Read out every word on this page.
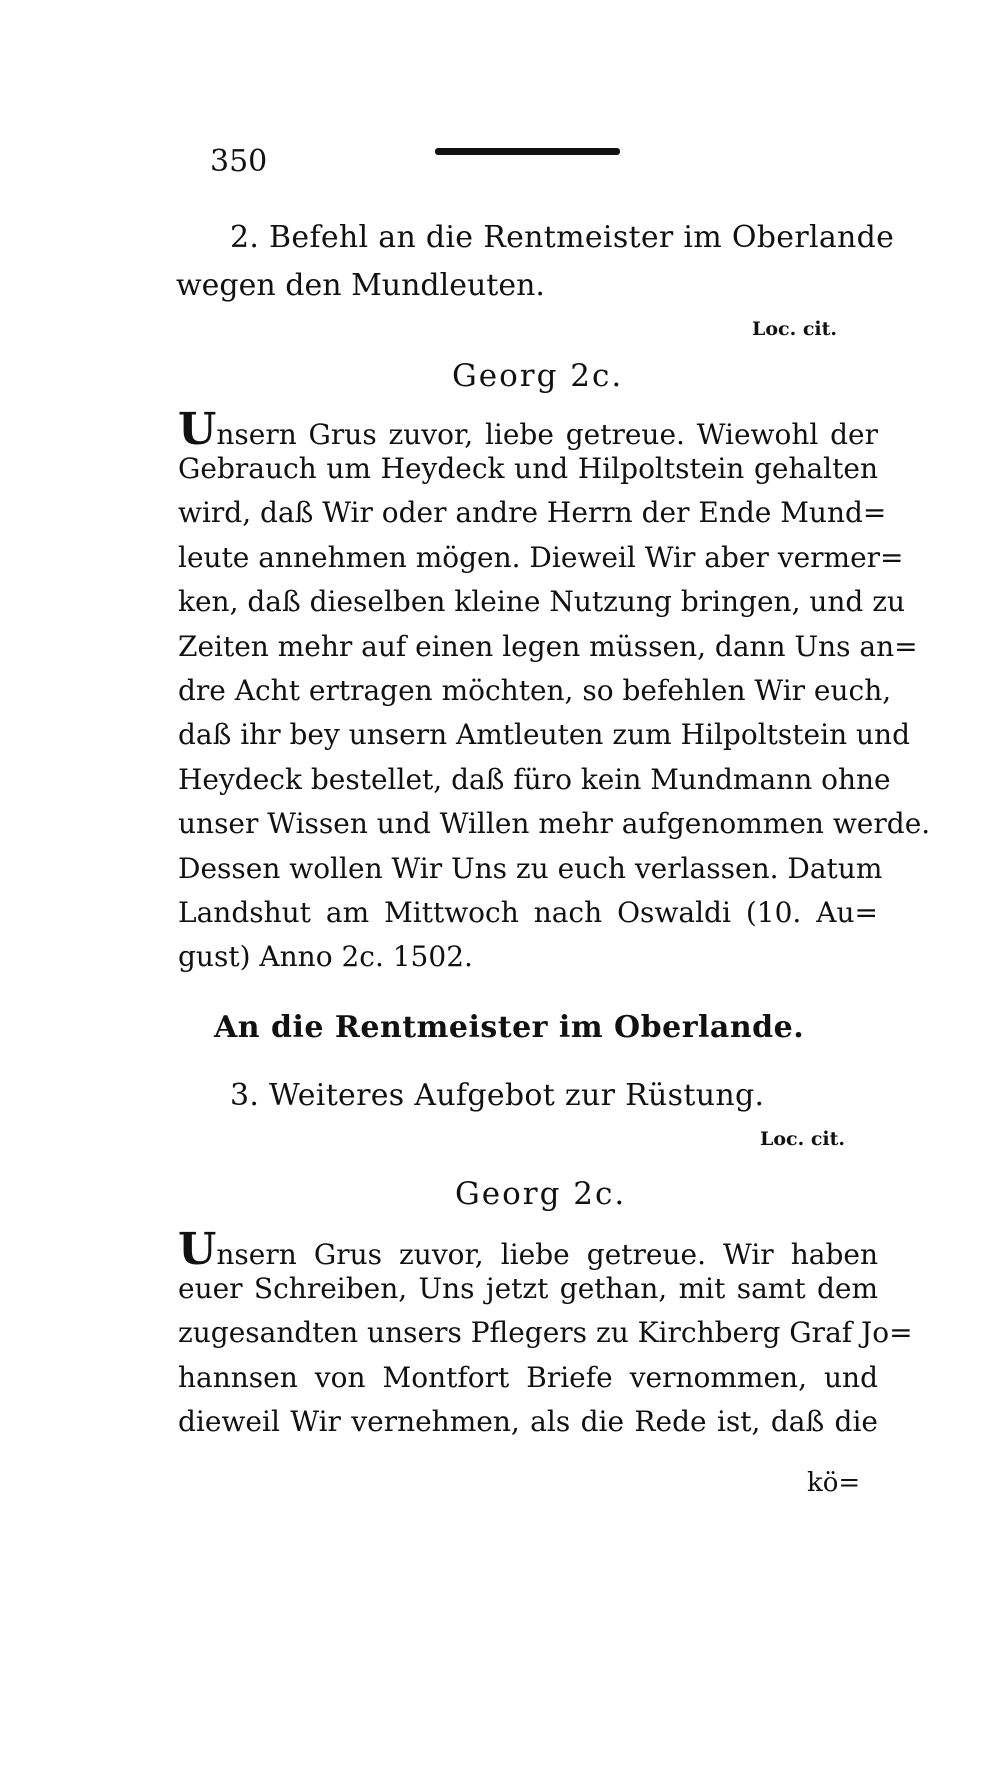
350
2. Befehl an die Rentmeister im Oberlande
wegen den Mundleuten.
Loc. cit.
Georg 2c.
Unsern Grus zuvor, liebe getreue. Wiewohl der
Gebrauch um Heydeck und Hilpoltstein gehalten
wird, daß Wir oder andre Herrn der Ende Mund=
leute annehmen mögen. Dieweil Wir aber vermer=
ken, daß dieselben kleine Nutzung bringen, und zu
Zeiten mehr auf einen legen müssen, dann Uns an=
dre Acht ertragen möchten, so befehlen Wir euch,
daß ihr bey unsern Amtleuten zum Hilpoltstein und
Heydeck bestellet, daß füro kein Mundmann ohne
unser Wissen und Willen mehr aufgenommen werde.
Dessen wollen Wir Uns zu euch verlassen. Datum
Landshut am Mittwoch nach Oswaldi (10. Au=
gust) Anno 2c. 1502.
An die Rentmeister im Oberlande.
3. Weiteres Aufgebot zur Rüstung.
Loc. cit.
Georg 2c.
Unsern Grus zuvor, liebe getreue. Wir haben
euer Schreiben, Uns jetzt gethan, mit samt dem
zugesandten unsers Pflegers zu Kirchberg Graf Jo=
hannsen von Montfort Briefe vernommen, und
dieweil Wir vernehmen, als die Rede ist, daß die
kö=
